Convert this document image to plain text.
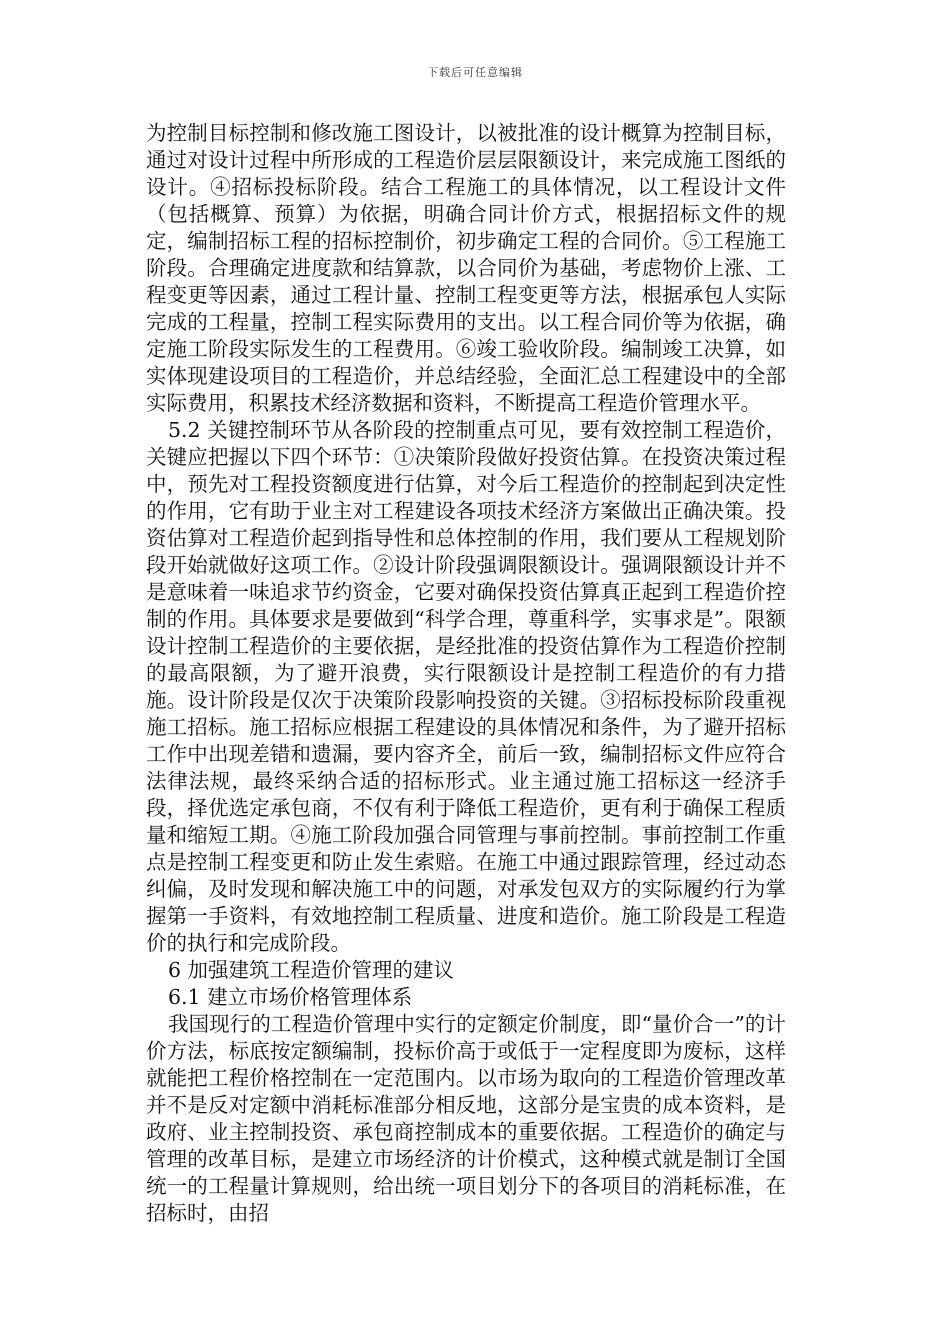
下载后可任意编辑

为控制目标控制和修改施工图设计，以被批准的设计概算为控制目标，通过对设计过程中所形成的工程造价层层限额设计，来完成施工图纸的设计。④招标投标阶段。结合工程施工的具体情况，以工程设计文件（包括概算、预算）为依据，明确合同计价方式，根据招标文件的规定，编制招标工程的招标控制价，初步确定工程的合同价。⑤工程施工阶段。合理确定进度款和结算款，以合同价为基础，考虑物价上涨、工程变更等因素，通过工程计量、控制工程变更等方法，根据承包人实际完成的工程量，控制工程实际费用的支出。以工程合同价等为依据，确定施工阶段实际发生的工程费用。⑥竣工验收阶段。编制竣工决算，如实体现建设项目的工程造价，并总结经验，全面汇总工程建设中的全部实际费用，积累技术经济数据和资料，不断提高工程造价管理水平。

5.2 关键控制环节从各阶段的控制重点可见，要有效控制工程造价，关键应把握以下四个环节：①决策阶段做好投资估算。在投资决策过程中，预先对工程投资额度进行估算，对今后工程造价的控制起到决定性的作用，它有助于业主对工程建设各项技术经济方案做出正确决策。投资估算对工程造价起到指导性和总体控制的作用，我们要从工程规划阶段开始就做好这项工作。②设计阶段强调限额设计。强调限额设计并不是意味着一味追求节约资金，它要对确保投资估算真正起到工程造价控制的作用。具体要求是要做到“科学合理，尊重科学，实事求是”。限额设计控制工程造价的主要依据，是经批准的投资估算作为工程造价控制的最高限额，为了避开浪费，实行限额设计是控制工程造价的有力措施。设计阶段是仅次于决策阶段影响投资的关键。③招标投标阶段重视施工招标。施工招标应根据工程建设的具体情况和条件，为了避开招标工作中出现差错和遗漏，要内容齐全，前后一致，编制招标文件应符合法律法规，最终采纳合适的招标形式。业主通过施工招标这一经济手段，择优选定承包商，不仅有利于降低工程造价，更有利于确保工程质量和缩短工期。④施工阶段加强合同管理与事前控制。事前控制工作重点是控制工程变更和防止发生索赔。在施工中通过跟踪管理，经过动态纠偏，及时发现和解决施工中的问题，对承发包双方的实际履约行为掌握第一手资料，有效地控制工程质量、进度和造价。施工阶段是工程造价的执行和完成阶段。

6 加强建筑工程造价管理的建议

6.1 建立市场价格管理体系

我国现行的工程造价管理中实行的定额定价制度，即“量价合一”的计价方法，标底按定额编制，投标价高于或低于一定程度即为废标，这样就能把工程价格控制在一定范围内。以市场为取向的工程造价管理改革并不是反对定额中消耗标准部分相反地，这部分是宝贵的成本资料，是政府、业主控制投资、承包商控制成本的重要依据。工程造价的确定与管理的改革目标，是建立市场经济的计价模式，这种模式就是制订全国统一的工程量计算规则，给出统一项目划分下的各项目的消耗标准，在招标时，由招
